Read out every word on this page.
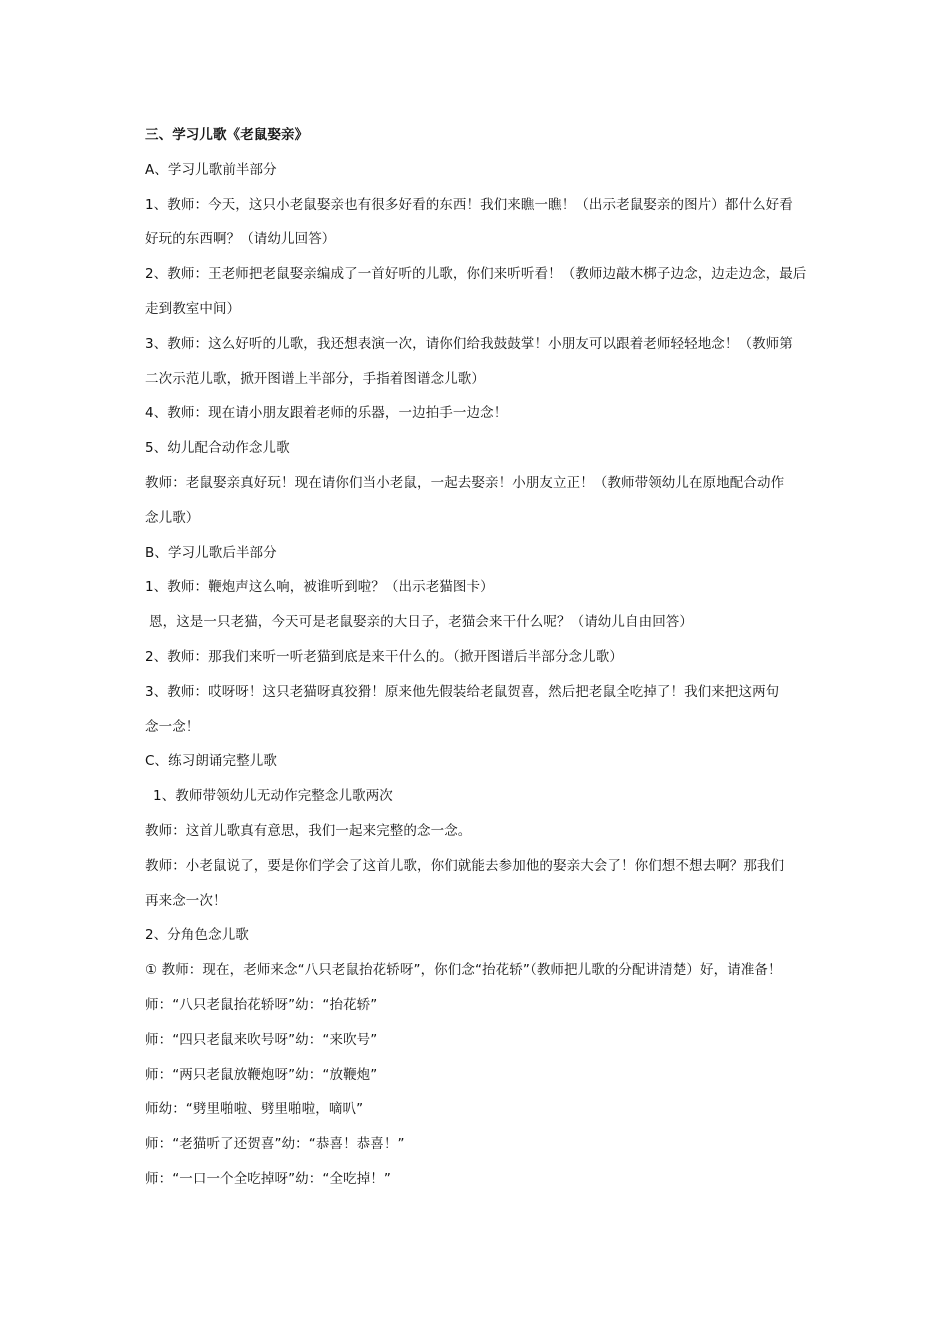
三、学习儿歌《老鼠娶亲》
A、学习儿歌前半部分
1、教师：今天，这只小老鼠娶亲也有很多好看的东西！我们来瞧一瞧！（出示老鼠娶亲的图片）都什么好看
好玩的东西啊？（请幼儿回答）
2、教师：王老师把老鼠娶亲编成了一首好听的儿歌，你们来听听看！（教师边敲木梆子边念，边走边念，最后
走到教室中间）
3、教师：这么好听的儿歌，我还想表演一次，请你们给我鼓鼓掌！小朋友可以跟着老师轻轻地念！（教师第
二次示范儿歌，掀开图谱上半部分，手指着图谱念儿歌）
4、教师：现在请小朋友跟着老师的乐器，一边拍手一边念！
5、幼儿配合动作念儿歌
教师：老鼠娶亲真好玩！现在请你们当小老鼠，一起去娶亲！小朋友立正！（教师带领幼儿在原地配合动作
念儿歌）
B、学习儿歌后半部分
1、教师：鞭炮声这么响，被谁听到啦？（出示老猫图卡）
恩，这是一只老猫，今天可是老鼠娶亲的大日子，老猫会来干什么呢？（请幼儿自由回答）
2、教师：那我们来听一听老猫到底是来干什么的。（掀开图谱后半部分念儿歌）
3、教师：哎呀呀！这只老猫呀真狡猾！原来他先假装给老鼠贺喜，然后把老鼠全吃掉了！我们来把这两句
念一念！
C、练习朗诵完整儿歌
1、教师带领幼儿无动作完整念儿歌两次
教师：这首儿歌真有意思，我们一起来完整的念一念。
教师：小老鼠说了，要是你们学会了这首儿歌，你们就能去参加他的娶亲大会了！你们想不想去啊？那我们
再来念一次！
2、分角色念儿歌
① 教师：现在，老师来念“八只老鼠抬花轿呀”，你们念“抬花轿”（教师把儿歌的分配讲清楚）好，请准备！
师：“八只老鼠抬花轿呀”幼：“抬花轿”
师：“四只老鼠来吹号呀”幼：“来吹号”
师：“两只老鼠放鞭炮呀”幼：“放鞭炮”
师幼：“劈里啪啦、劈里啪啦，嘀叭”
师：“老猫听了还贺喜”幼：“恭喜！恭喜！”
师：“一口一个全吃掉呀”幼：“全吃掉！”
